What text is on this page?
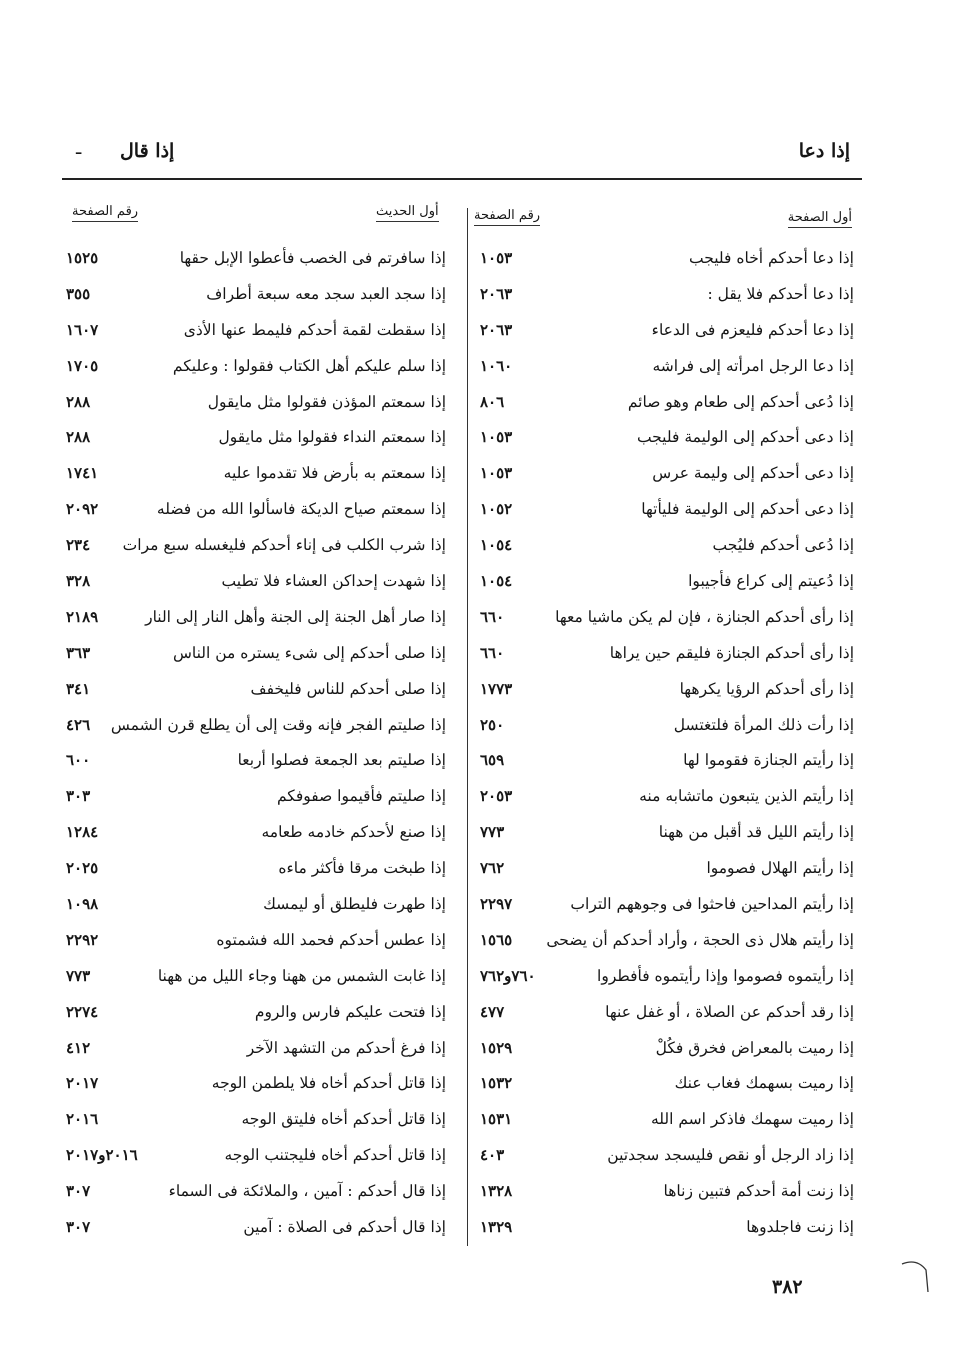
إذا دعا
إذا قال
ـ
أول الصفحة
رقم الصفحة
أول الحديث
رقم الصفحة
إذا دعا أحدكم أخاه فليجب
١٠٥٣
إذا دعا أحدكم فلا يقل :
٢٠٦٣
إذا دعا أحدكم فليعزم فى الدعاء
٢٠٦٣
إذا دعا الرجل امرأته إلى فراشه
١٠٦٠
إذا دُعى أحدكم إلى طعام وهو صائم
٨٠٦
إذا دعى أحدكم إلى الوليمة فليجب
١٠٥٣
إذا دعى أحدكم إلى وليمة عرس
١٠٥٣
إذا دعى أحدكم إلى الوليمة فليأتها
١٠٥٢
إذا دُعى أحدكم فليُجب
١٠٥٤
إذا دُعيتم إلى كراع فأجيبوا
١٠٥٤
إذا رأى أحدكم الجنازة ، فإن لم يكن ماشيا معها
٦٦٠
إذا رأى أحدكم الجنازة فليقم حين يراها
٦٦٠
إذا رأى أحدكم الرؤيا يكرهها
١٧٧٣
إذا رأت ذلك المرأة فلتغتسل
٢٥٠
إذا رأيتم الجنازة فقوموا لها
٦٥٩
إذا رأيتم الذين يتبعون ماتشابه منه
٢٠٥٣
إذا رأيتم الليل قد أقبل من ههنا
٧٧٣
إذا رأيتم الهلال فصوموا
٧٦٢
إذا رأيتم المداحين فاحثوا فى وجوههم التراب
٢٢٩٧
إذا رأيتم هلال ذى الحجة ، وأراد أحدكم أن يضحى
١٥٦٥
إذا رأيتموه فصوموا وإذا رأيتموه فأفطروا
٧٦٠و٧٦٢
إذا رقد أحدكم عن الصلاة ، أو غفل عنها
٤٧٧
إذا رميت بالمعراض فخرق فكُلْ
١٥٢٩
إذا رميت بسهمك فغاب عنك
١٥٣٢
إذا رميت سهمك فاذكر اسم الله
١٥٣١
إذا زاد الرجل أو نقص فليسجد سجدتين
٤٠٣
إذا زنت أمة أحدكم فتبين زناها
١٣٢٨
إذا زنت فاجلدوها
١٣٢٩
إذا سافرتم فى الخصب فأعطوا الإبل حقها
١٥٢٥
إذا سجد العبد سجد معه سبعة أطراف
٣٥٥
إذا سقطت لقمة أحدكم فليمط عنها الأذى
١٦٠٧
إذا سلم عليكم أهل الكتاب فقولوا : وعليكم
١٧٠٥
إذا سمعتم المؤذن فقولوا مثل مايقول
٢٨٨
إذا سمعتم النداء فقولوا مثل مايقول
٢٨٨
إذا سمعتم به بأرض فلا تقدموا عليه
١٧٤١
إذا سمعتم صياح الديكة فاسألوا الله من فضله
٢٠٩٢
إذا شرب الكلب فى إناء أحدكم فليغسله سبع مرات
٢٣٤
إذا شهدت إحداكن العشاء فلا تطيب
٣٢٨
إذا صار أهل الجنة إلى الجنة وأهل النار إلى النار
٢١٨٩
إذا صلى أحدكم إلى شىء يستره من الناس
٣٦٣
إذا صلى أحدكم للناس فليخفف
٣٤١
إذا صليتم الفجر فإنه وقت إلى أن يطلع قرن الشمس
٤٢٦
إذا صليتم بعد الجمعة فصلوا أربعا
٦٠٠
إذا صليتم فأقيموا صفوفكم
٣٠٣
إذا صنع لأحدكم خادمه طعامه
١٢٨٤
إذا طبخت مرقا فأكثر ماءه
٢٠٢٥
إذا طهرت فليطلق أو ليمسك
١٠٩٨
إذا عطس أحدكم فحمد الله فشمتوه
٢٢٩٢
إذا غابت الشمس من ههنا وجاء الليل من ههنا
٧٧٣
إذا فتحت عليكم فارس والروم
٢٢٧٤
إذا فرغ أحدكم من التشهد الآخر
٤١٢
إذا قاتل أحدكم أخاه فلا يلطمن الوجه
٢٠١٧
إذا قاتل أحدكم أخاه فليتق الوجه
٢٠١٦
إذا قاتل أحدكم أخاه فليجتنب الوجه
٢٠١٦و٢٠١٧
إذا قال أحدكم : آمين ، والملائكة فى السماء
٣٠٧
إذا قال أحدكم فى الصلاة : آمين
٣٠٧
٣٨٢
